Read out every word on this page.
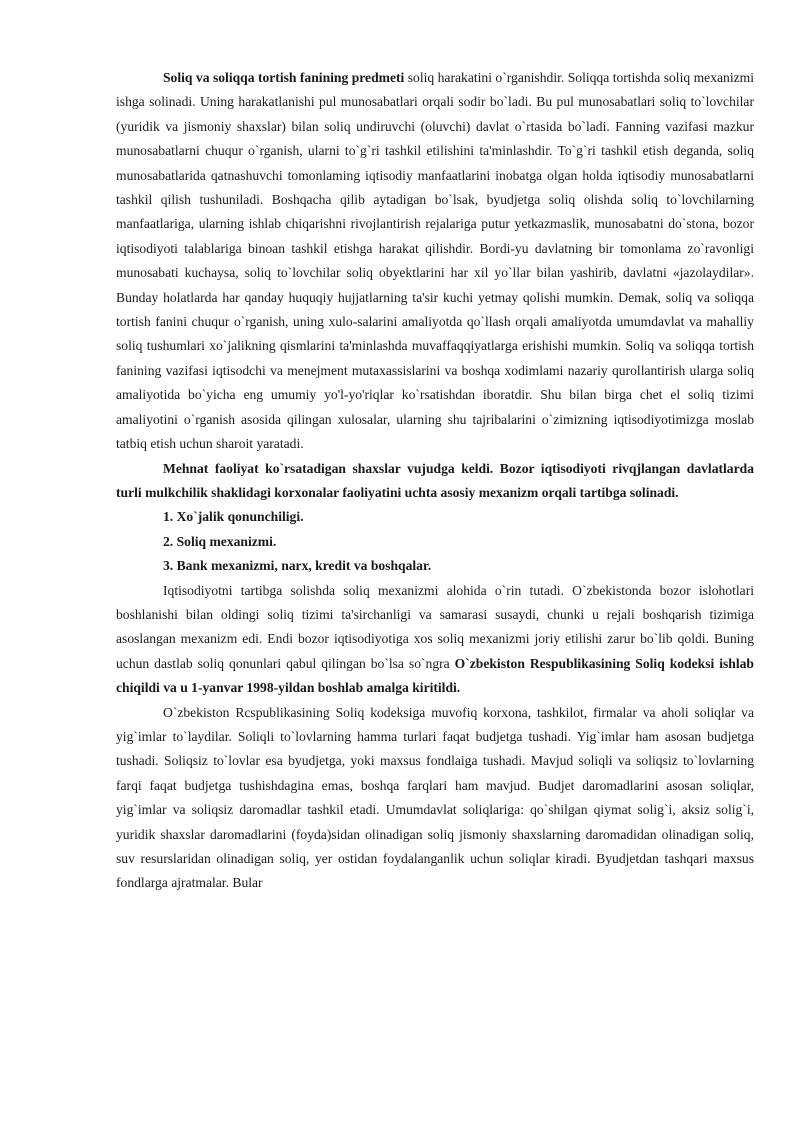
Soliq va soliqqa tortish fanining predmeti soliq harakatini o`rganishdir. Soliqqa tortishda soliq mexanizmi ishga solinadi. Uning harakatlanishi pul munosabatlari orqali sodir bo`ladi. Bu pul munosabatlari soliq to`lovchilar (yuridik va jismoniy shaxslar) bilan soliq undiruvchi (oluvchi) davlat o`rtasida bo`ladi. Fanning vazifasi mazkur munosabatlarni chuqur o`rganish, ularni to`g`ri tashkil etilishini ta'minlashdir. To`g`ri tashkil etish deganda, soliq munosabatlarida qatnashuvchi tomonlaming iqtisodiy manfaatlarini inobatga olgan holda iqtisodiy munosabatlarni tashkil qilish tushuniladi. Boshqacha qilib aytadigan bo`lsak, byudjetga soliq olishda soliq to`lovchilarning manfaatlariga, ularning ishlab chiqarishni rivojlantirish rejalariga putur yetkazmaslik, munosabatni do`stona, bozor iqtisodiyoti talablariga binoan tashkil etishga harakat qilishdir. Bordi-yu davlatning bir tomonlama zo`ravonligi munosabati kuchaysa, soliq to`lovchilar soliq obyektlarini har xil yo`llar bilan yashirib, davlatni «jazolaydilar». Bunday holatlarda har qanday huquqiy hujjatlarning ta'sir kuchi yetmay qolishi mumkin. Demak, soliq va soliqqa tortish fanini chuqur o`rganish, uning xulo-salarini amaliyotda qo`llash orqali amaliyotda umumdavlat va mahalliy soliq tushumlari xo`jalikning qismlarini ta'minlashda muvaffaqqiyatlarga erishishi mumkin. Soliq va soliqqa tortish fanining vazifasi iqtisodchi va menejment mutaxassislarini va boshqa xodimlami nazariy qurollantirish ularga soliq amaliyotida bo`yicha eng umumiy yo'l-yo'riqlar ko`rsatishdan iboratdir. Shu bilan birga chet el soliq tizimi amaliyotini o`rganish asosida qilingan xulosalar, ularning shu tajribalarini o`zimizning iqtisodiyotimizga moslab tatbiq etish uchun sharoit yaratadi.

Mehnat faoliyat ko`rsatadigan shaxslar vujudga keldi. Bozor iqtisodiyoti rivqjlangan davlatlarda turli mulkchilik shaklidagi korxonalar faoliyatini uchta asosiy mexanizm orqali tartibga solinadi.

1. Xo`jalik qonunchiligi.

2. Soliq mexanizmi.

3. Bank mexanizmi, narx, kredit va boshqalar.

Iqtisodiyotni tartibga solishda soliq mexanizmi alohida o`rin tutadi. O`zbekistonda bozor islohotlari boshlanishi bilan oldingi soliq tizimi ta'sirchanligi va samarasi susaydi, chunki u rejali boshqarish tizimiga asoslangan mexanizm edi. Endi bozor iqtisodiyotiga xos soliq mexanizmi joriy etilishi zarur bo`lib qoldi. Buning uchun dastlab soliq qonunlari qabul qilingan bo`lsa so`ngra O`zbekiston Respublikasining Soliq kodeksi ishlab chiqildi va u 1-yanvar 1998-yildan boshlab amalga kiritildi.

O`zbekiston Rcspublikasining Soliq kodeksiga muvofiq korxona, tashkilot, firmalar va aholi soliqlar va yig`imlar to`laydilar. Soliqli to`lovlarning hamma turlari faqat budjetga tushadi. Yig`imlar ham asosan budjetga tushadi. Soliqsiz to`lovlar esa byudjetga, yoki maxsus fondlaiga tushadi. Mavjud soliqli va soliqsiz to`lovlarning farqi faqat budjetga tushishdagina emas, boshqa farqlari ham mavjud. Budjet daromadlarini asosan soliqlar, yig`imlar va soliqsiz daromadlar tashkil etadi. Umumdavlat soliqlariga: qo`shilgan qiymat solig`i, aksiz solig`i, yuridik shaxslar daromadlarini (foyda)sidan olinadigan soliq jismoniy shaxslarning daromadidan olinadigan soliq, suv resurslaridan olinadigan soliq, yer ostidan foydalanganlik uchun soliqlar kiradi. Byudjetdan tashqari maxsus fondlarga ajratmalar. Bular
